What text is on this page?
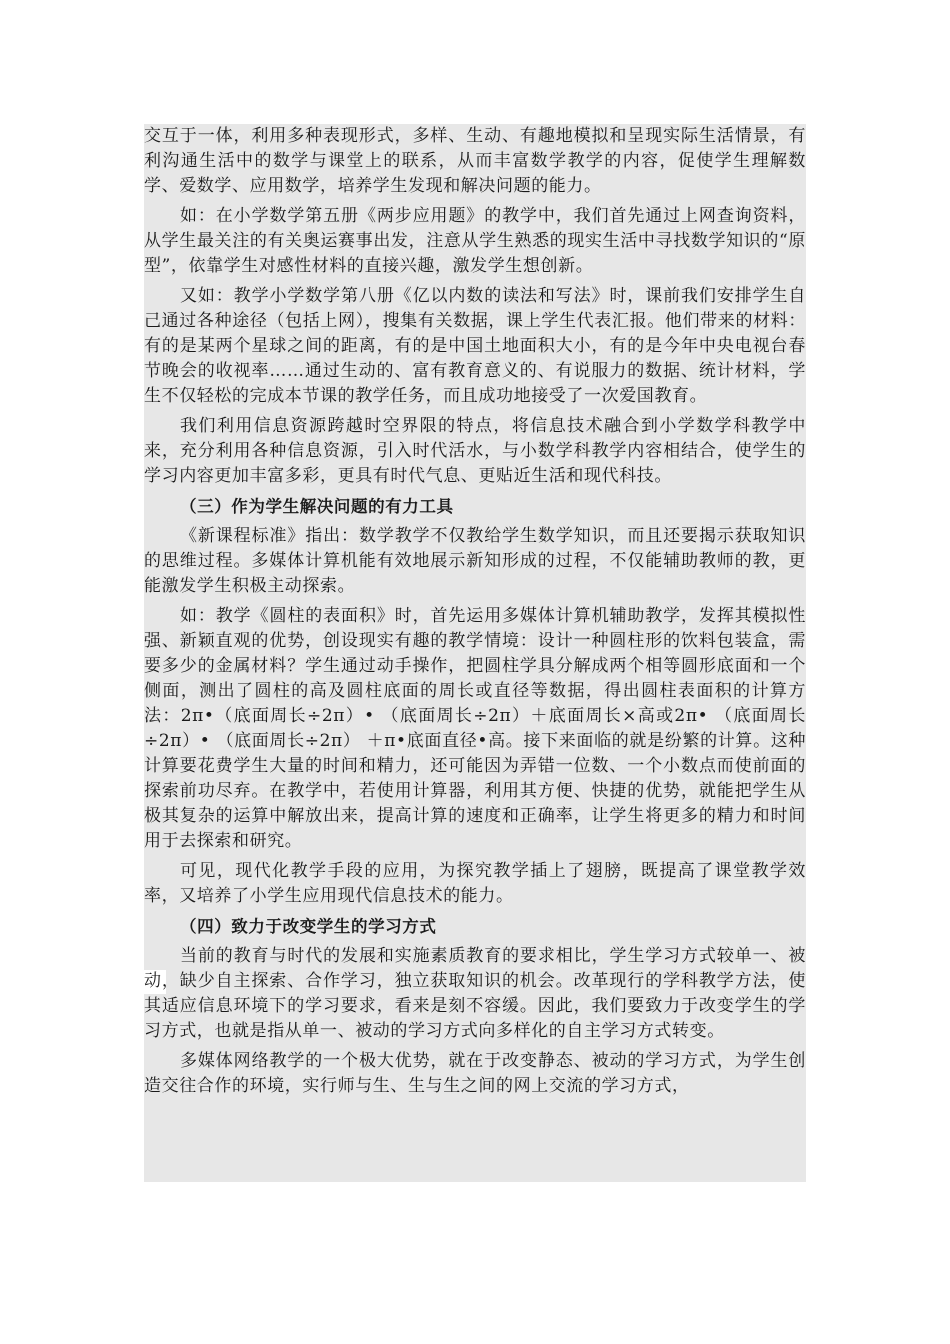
交互于一体，利用多种表现形式，多样、生动、有趣地模拟和呈现实际生活情景，有利沟通生活中的数学与课堂上的联系，从而丰富数学教学的内容，促使学生理解数学、爱数学、应用数学，培养学生发现和解决问题的能力。

如：在小学数学第五册《两步应用题》的教学中，我们首先通过上网查询资料，从学生最关注的有关奥运赛事出发，注意从学生熟悉的现实生活中寻找数学知识的“原型”，依靠学生对感性材料的直接兴趣，激发学生想创新。

又如：教学小学数学第八册《亿以内数的读法和写法》时，课前我们安排学生自己通过各种途径（包括上网），搜集有关数据，课上学生代表汇报。他们带来的材料：有的是某两个星球之间的距离，有的是中国土地面积大小，有的是今年中央电视台春节晚会的收视率……通过生动的、富有教育意义的、有说服力的数据、统计材料，学生不仅轻松的完成本节课的教学任务，而且成功地接受了一次爱国教育。

我们利用信息资源跨越时空界限的特点，将信息技术融合到小学数学科教学中来，充分利用各种信息资源，引入时代活水，与小数学科教学内容相结合，使学生的学习内容更加丰富多彩，更具有时代气息、更贴近生活和现代科技。

（三）作为学生解决问题的有力工具

《新课程标准》指出：数学教学不仅教给学生数学知识，而且还要揭示获取知识的思维过程。多媒体计算机能有效地展示新知形成的过程，不仅能辅助教师的教，更能激发学生积极主动探索。

如：教学《圆柱的表面积》时，首先运用多媒体计算机辅助教学，发挥其模拟性强、新颖直观的优势，创设现实有趣的教学情境：设计一种圆柱形的饮料包装盒，需要多少的金属材料？学生通过动手操作，把圆柱学具分解成两个相等圆形底面和一个侧面，测出了圆柱的高及圆柱底面的周长或直径等数据，得出圆柱表面积的计算方法：2π•（底面周长÷2π）• （底面周长÷2π）＋底面周长×高或2π• （底面周长÷2π）• （底面周长÷2π） ＋π•底面直径•高。接下来面临的就是纷繁的计算。这种计算要花费学生大量的时间和精力，还可能因为弄错一位数、一个小数点而使前面的探索前功尽弃。在教学中，若使用计算器，利用其方便、快捷的优势，就能把学生从极其复杂的运算中解放出来，提高计算的速度和正确率，让学生将更多的精力和时间用于去探索和研究。

可见，现代化教学手段的应用，为探究教学插上了翅膀，既提高了课堂教学效率，又培养了小学生应用现代信息技术的能力。

（四）致力于改变学生的学习方式

当前的教育与时代的发展和实施素质教育的要求相比，学生学习方式较单一、被动，缺少自主探索、合作学习，独立获取知识的机会。改革现行的学科教学方法，使其适应信息环境下的学习要求，看来是刻不容缓。因此，我们要致力于改变学生的学习方式，也就是指从单一、被动的学习方式向多样化的自主学习方式转变。

多媒体网络教学的一个极大优势，就在于改变静态、被动的学习方式，为学生创造交往合作的环境，实行师与生、生与生之间的网上交流的学习方式，
